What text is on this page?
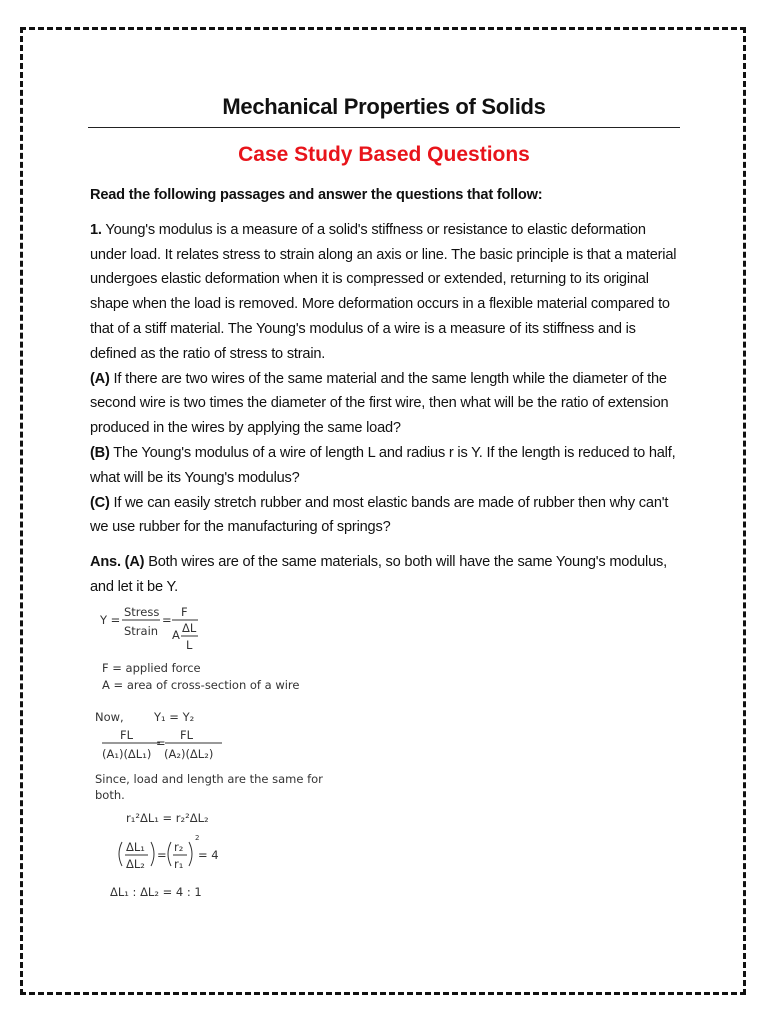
Mechanical Properties of Solids
Case Study Based Questions

Read the following passages and answer the questions that follow:

1. Young's modulus is a measure of a solid's stiffness or resistance to elastic deformation under load. It relates stress to strain along an axis or line. The basic principle is that a material undergoes elastic deformation when it is compressed or extended, returning to its original shape when the load is removed. More deformation occurs in a flexible material compared to that of a stiff material. The Young's modulus of a wire is a measure of its stiffness and is defined as the ratio of stress to strain.

(A) If there are two wires of the same material and the same length while the diameter of the second wire is two times the diameter of the first wire, then what will be the ratio of extension produced in the wires by applying the same load?

(B) The Young's modulus of a wire of length L and radius r is Y. If the length is reduced to half, what will be its Young's modulus?

(C) If we can easily stretch rubber and most elastic bands are made of rubber then why can't we use rubber for the manufacturing of springs?

Ans. (A) Both wires are of the same materials, so both will have the same Young's modulus, and let it be Y.

Y =
Stress
Strain
=
F
A ΔL
L
F = applied force
A = area of cross-section of a wire
Now,	Y₁ = Y₂
FL
(A₁)(ΔL₁)
=
FL
(A₂)(ΔL₂)
Since, load and length are the same for
both.
r₁²ΔL₁ = r₂²ΔL₂
ΔL₁
ΔL₂
=
r₂
r₁
2
= 4
ΔL₁ : ΔL₂ = 4 : 1
